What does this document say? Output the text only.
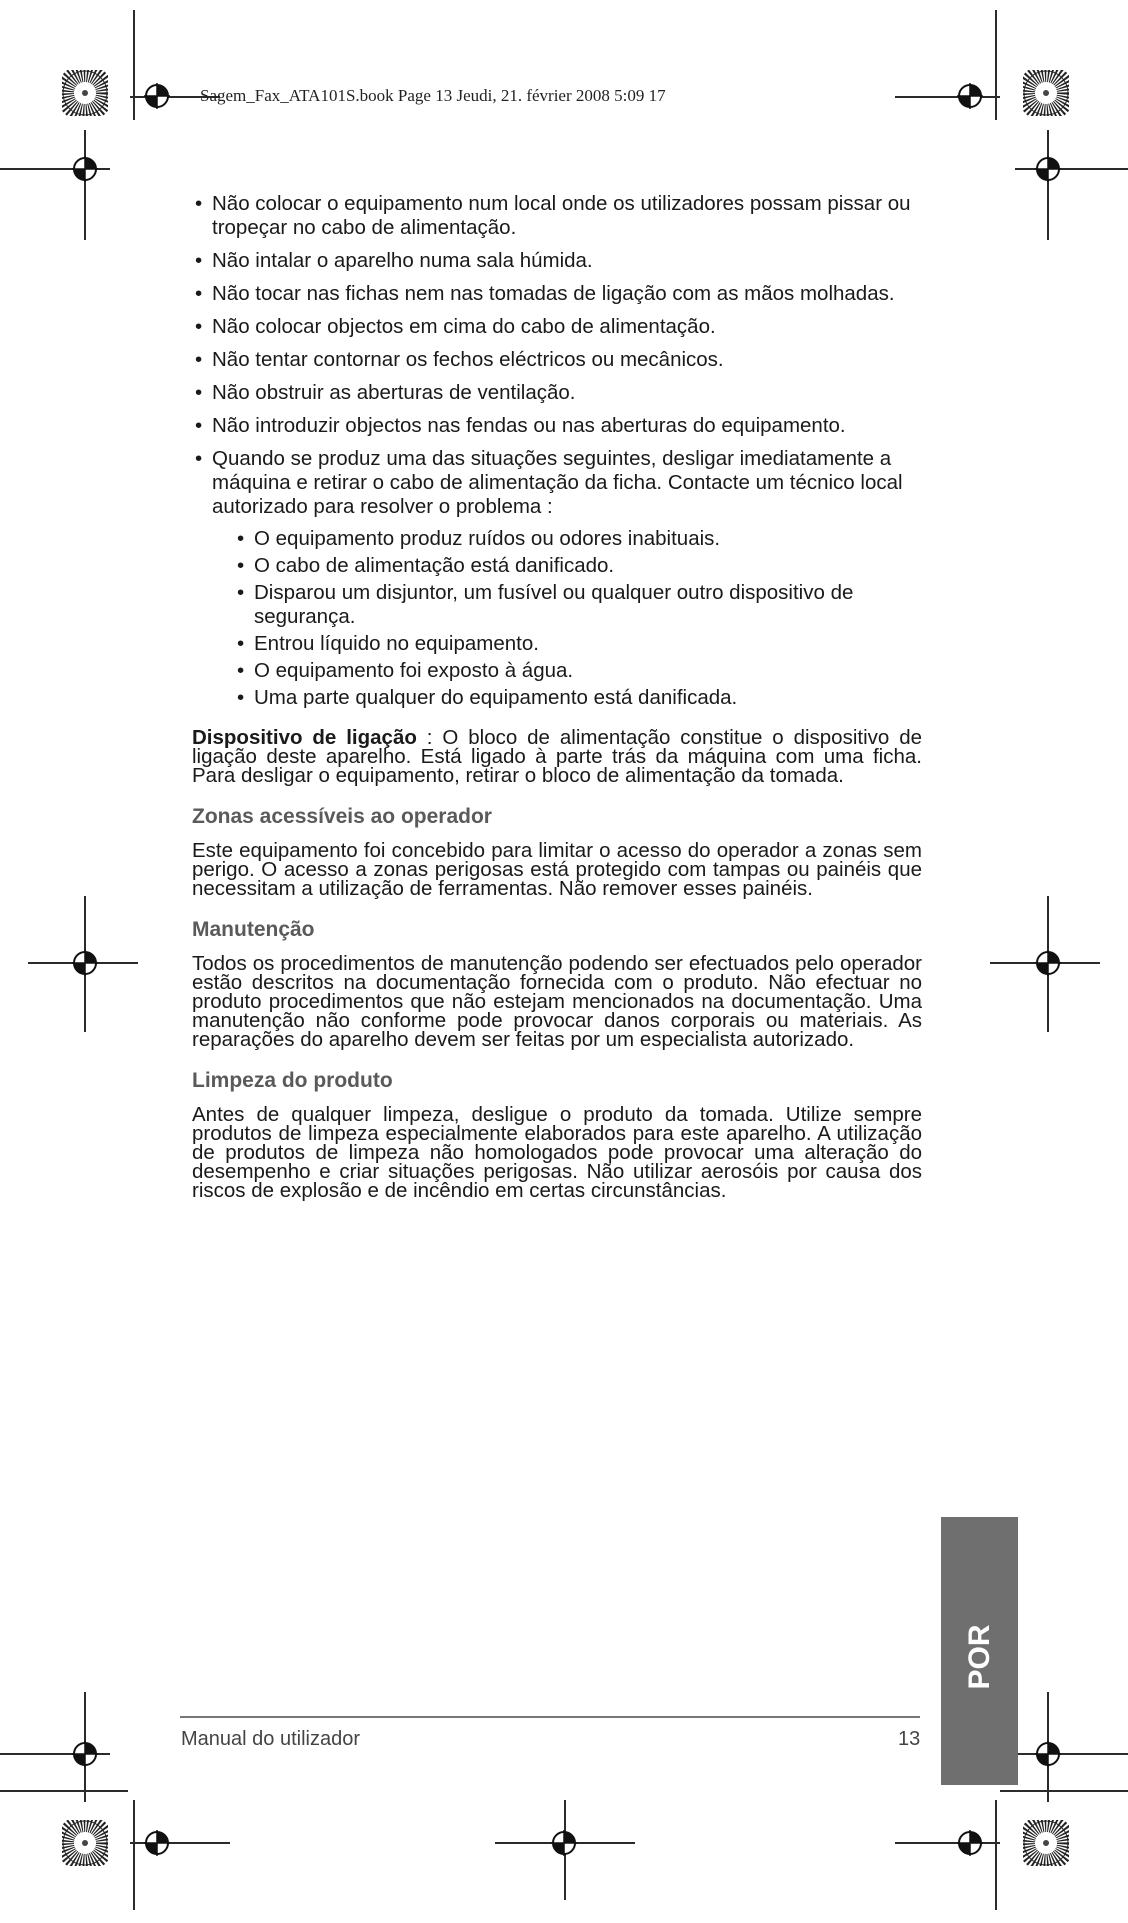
Sagem_Fax_ATA101S.book Page 13 Jeudi, 21. février 2008 5:09 17
• Não colocar o equipamento num local onde os utilizadores possam pissar ou tropeçar no cabo de alimentação.
• Não intalar o aparelho numa sala húmida.
• Não tocar nas fichas nem nas tomadas de ligação com as mãos molhadas.
• Não colocar objectos em cima do cabo de alimentação.
• Não tentar contornar os fechos eléctricos ou mecânicos.
• Não obstruir as aberturas de ventilação.
• Não introduzir objectos nas fendas ou nas aberturas do equipamento.
• Quando se produz uma das situações seguintes, desligar imediatamente a máquina e retirar o cabo de alimentação da ficha. Contacte um técnico local autorizado para resolver o problema :
• O equipamento produz ruídos ou odores inabituais.
• O cabo de alimentação está danificado.
• Disparou um disjuntor, um fusível ou qualquer outro dispositivo de segurança.
• Entrou líquido no equipamento.
• O equipamento foi exposto à água.
• Uma parte qualquer do equipamento está danificada.

Dispositivo de ligação : O bloco de alimentação constitue o dispositivo de ligação deste aparelho. Está ligado à parte trás da máquina com uma ficha. Para desligar o equipamento, retirar o bloco de alimentação da tomada.

Zonas acessíveis ao operador

Este equipamento foi concebido para limitar o acesso do operador a zonas sem perigo. O acesso a zonas perigosas está protegido com tampas ou painéis que necessitam a utilização de ferramentas. Não remover esses painéis.

Manutenção

Todos os procedimentos de manutenção podendo ser efectuados pelo operador estão descritos na documentação fornecida com o produto. Não efectuar no produto procedimentos que não estejam mencionados na documentação. Uma manutenção não conforme pode provocar danos corporais ou materiais. As reparações do aparelho devem ser feitas por um especialista autorizado.

Limpeza do produto

Antes de qualquer limpeza, desligue o produto da tomada. Utilize sempre produtos de limpeza especialmente elaborados para este aparelho. A utilização de produtos de limpeza não homologados pode provocar uma alteração do desempenho e criar situações perigosas. Não utilizar aerosóis por causa dos riscos de explosão e de incêndio em certas circunstâncias.

POR
Manual do utilizador	13
